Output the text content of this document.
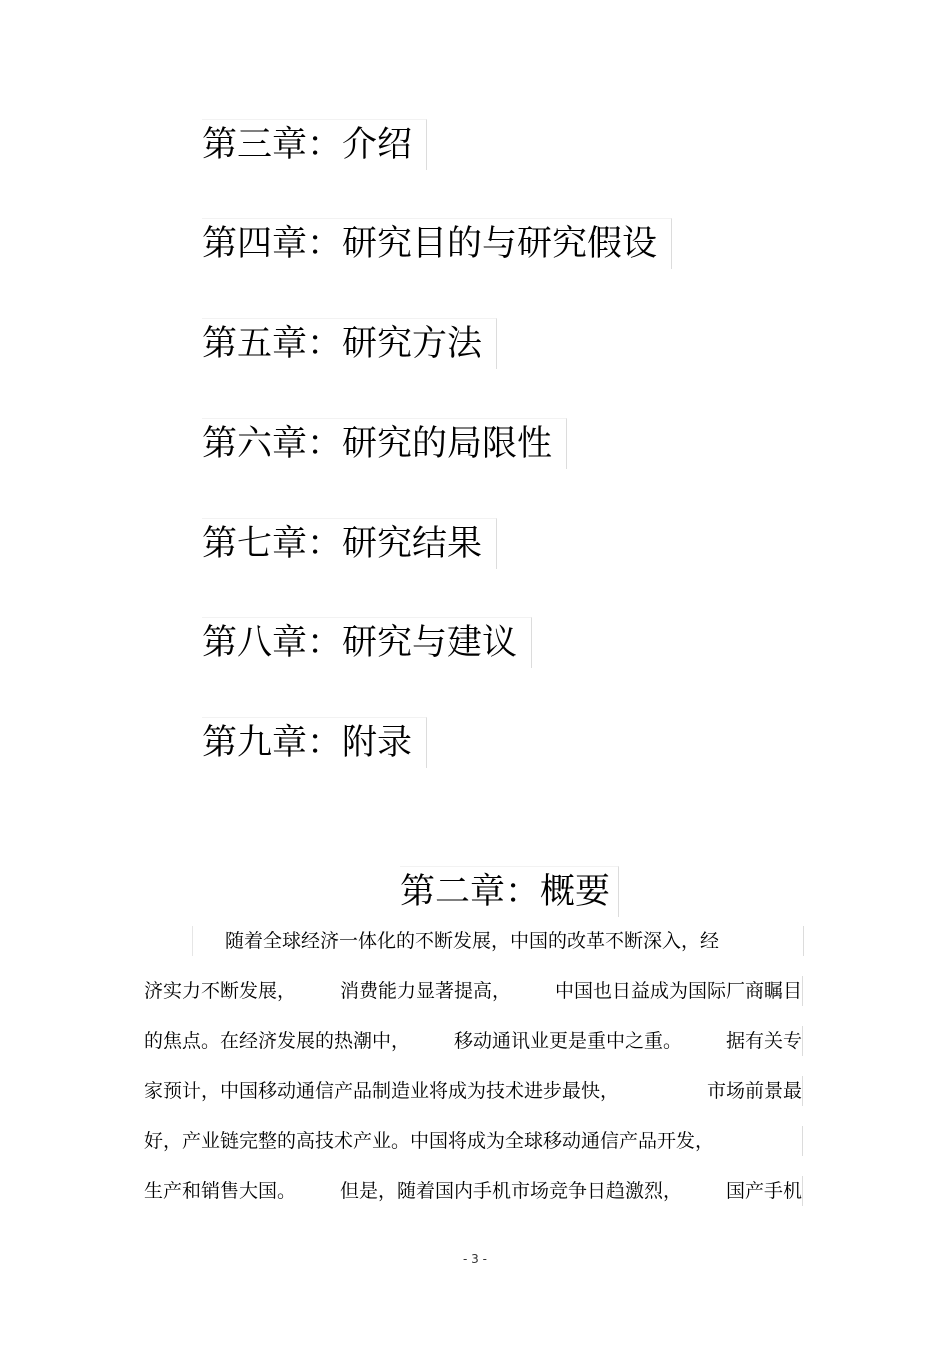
第三章：介绍
第四章：研究目的与研究假设
第五章：研究方法
第六章：研究的局限性
第七章：研究结果
第八章：研究与建议
第九章：附录
第二章：概要
随着全球经济一体化的不断发展，中国的改革不断深入，经
济实力不断发展， 消费能力显著提高， 中国也日益成为国际厂商瞩目
的焦点。在经济发展的热潮中， 移动通讯业更是重中之重。 据有关专
家预计，中国移动通信产品制造业将成为技术进步最快，	市场前景最
好，产业链完整的高技术产业。中国将成为全球移动通信产品开发，
生产和销售大国。 但是，随着国内手机市场竞争日趋激烈， 国产手机
- 3 -
